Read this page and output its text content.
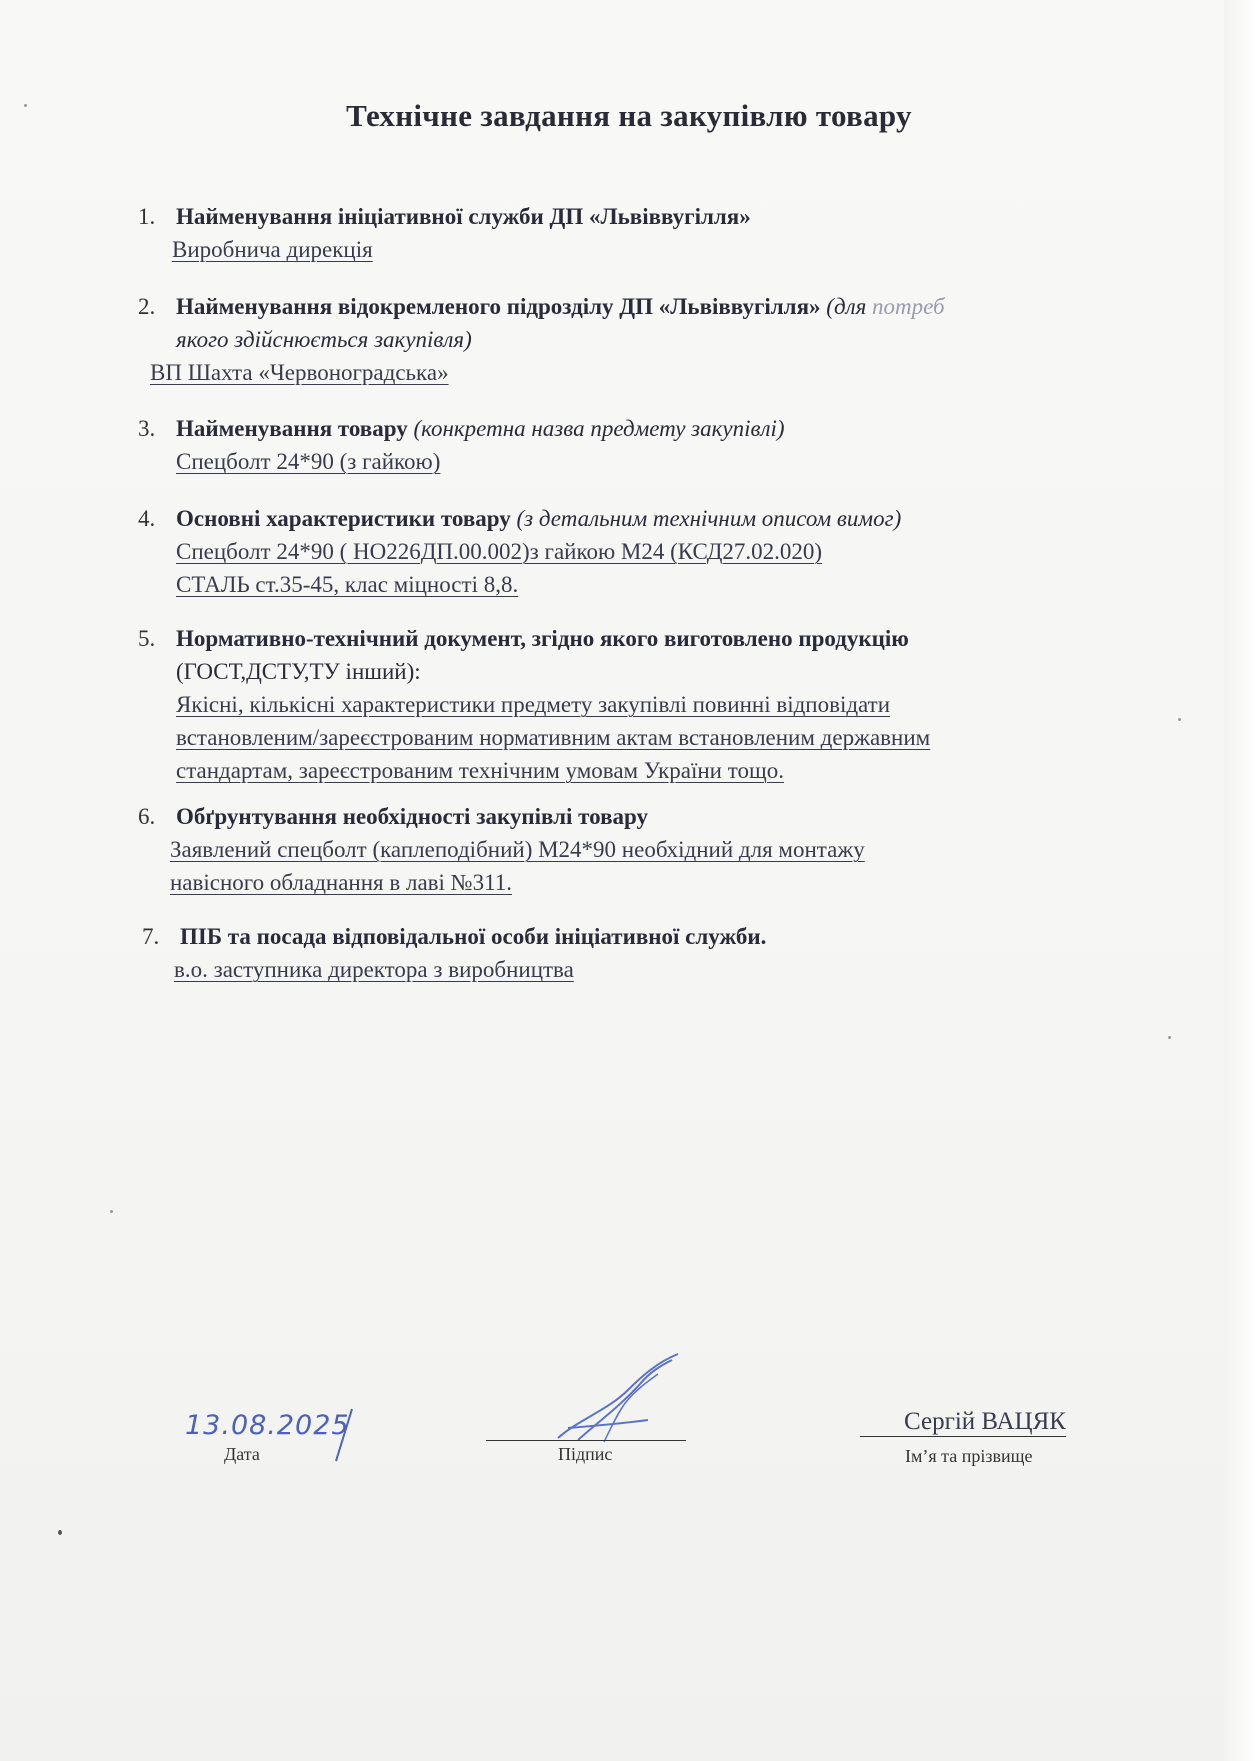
Технічне завдання на закупівлю товару
1. Найменування ініціативної служби ДП «Львіввугілля»
Виробнича дирекція
2. Найменування відокремленого підрозділу ДП «Львіввугілля» (для потреб
якого здійснюється закупівля)
ВП Шахта «Червоноградська»
3. Найменування товару (конкретна назва предмету закупівлі)
Спецболт 24*90 (з гайкою)
4. Основні характеристики товару (з детальним технічним описом вимог)
Спецболт 24*90 ( НО226ДП.00.002)з гайкою М24 (КСД27.02.020)
СТАЛЬ ст.35-45, клас міцності 8,8.
5. Нормативно-технічний документ, згідно якого виготовлено продукцію
(ГОСТ,ДСТУ,ТУ інший):
Якісні, кількісні характеристики предмету закупівлі повинні відповідати
встановленим/зареєстрованим нормативним актам встановленим державним
стандартам, зареєстрованим технічним умовам України тощо.
6. Обґрунтування необхідності закупівлі товару
Заявлений спецболт (каплеподібний) М24*90 необхідний для монтажу
навісного обладнання в лаві №311.
7. ПІБ та посада відповідальної особи ініціативної служби.
в.о. заступника директора з виробництва
13.08.2025
Дата	Підпис
Сергій ВАЦЯК
Ім’я та прізвище
